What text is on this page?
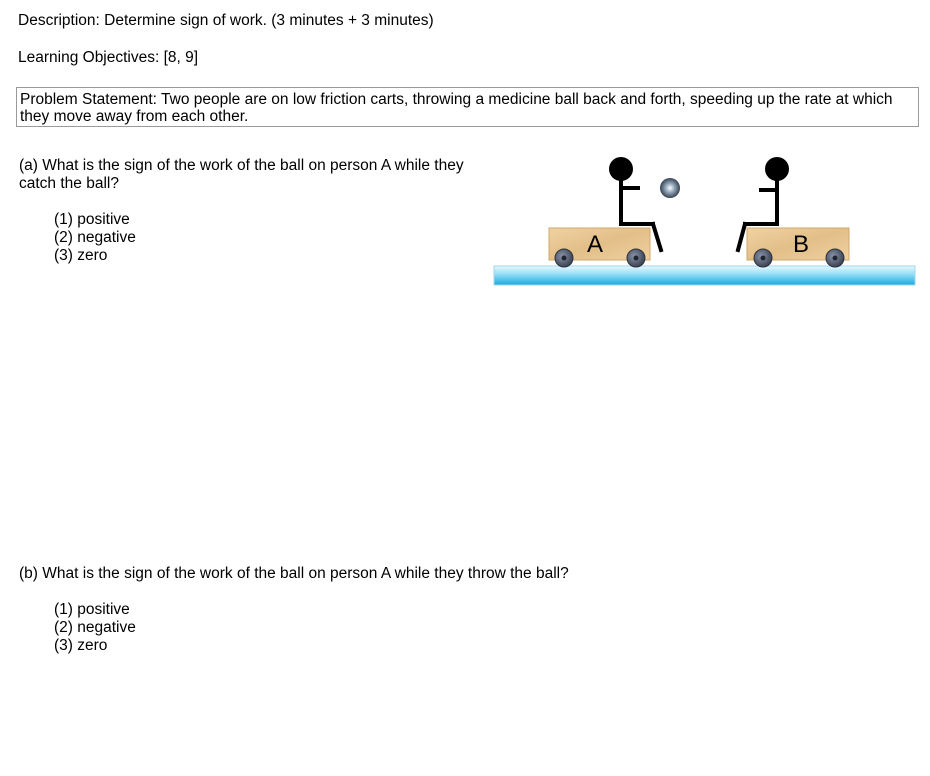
Description: Determine sign of work. (3 minutes + 3 minutes)
Learning Objectives: [8, 9]
Problem Statement: Two people are on low friction carts, throwing a medicine ball back and forth, speeding up the rate at which they move away from each other.
(a) What is the sign of the work of the ball on person A while they catch the ball?
(1) positive
(2) negative
(3) zero	A	B
(b) What is the sign of the work of the ball on person A while they throw the ball?
(1) positive
(2) negative
(3) zero
